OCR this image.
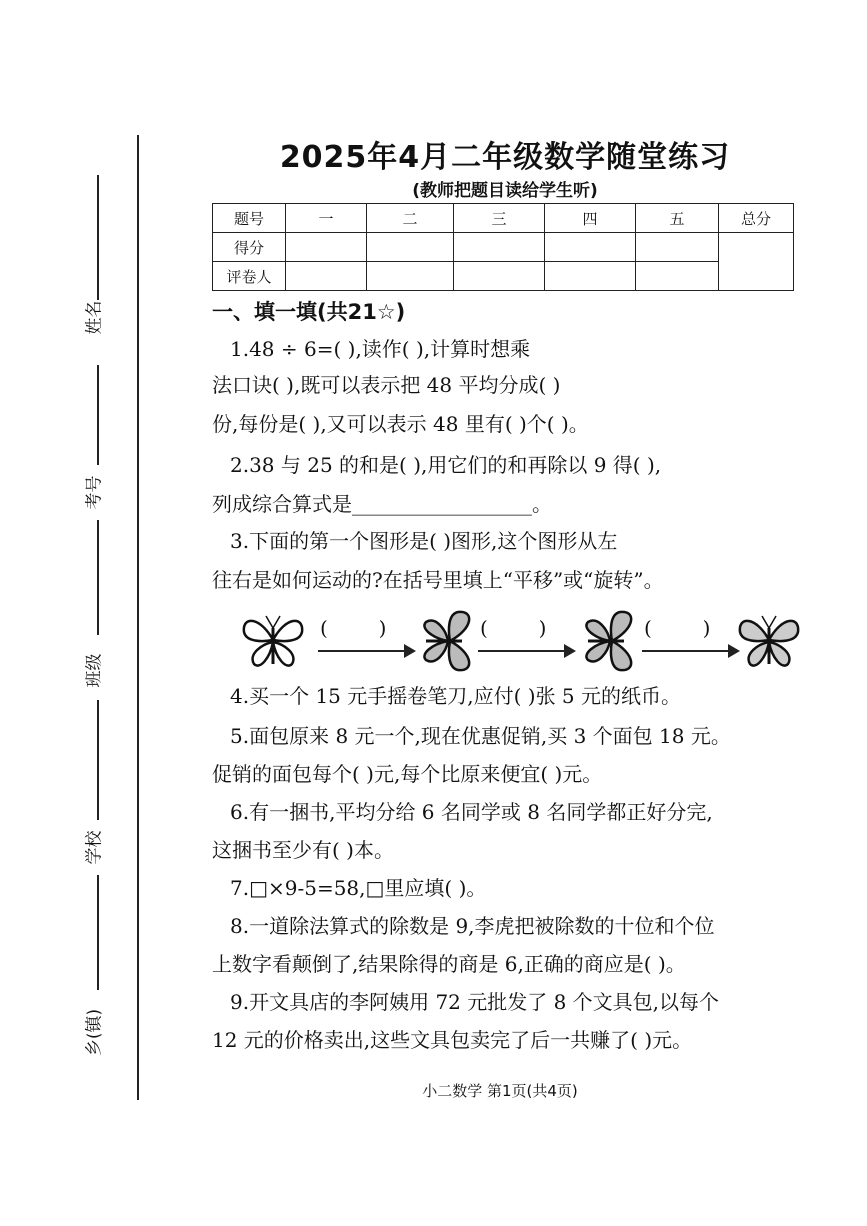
姓名
考号
班级
学校
乡(镇)
2025年4月二年级数学随堂练习
(教师把题目读给学生听)
题号	一	二	三	四	五	总分
得分						
评卷人						
一、填一填(共21☆)
1.48 ÷ 6=( ),读作( ),计算时想乘
法口诀( ),既可以表示把 48 平均分成( )
份,每份是( ),又可以表示 48 里有( )个( )。
2.38 与 25 的和是( ),用它们的和再除以 9 得( ),
列成综合算式是__________________。
3.下面的第一个图形是( )图形,这个图形从左
往右是如何运动的?在括号里填上“平移”或“旋转”。
(        )	(        )	(        )
4.买一个 15 元手摇卷笔刀,应付( )张 5 元的纸币。
5.面包原来 8 元一个,现在优惠促销,买 3 个面包 18 元。
促销的面包每个( )元,每个比原来便宜( )元。
6.有一捆书,平均分给 6 名同学或 8 名同学都正好分完,
这捆书至少有( )本。
7.□×9-5=58,□里应填( )。
8.一道除法算式的除数是 9,李虎把被除数的十位和个位
上数字看颠倒了,结果除得的商是 6,正确的商应是( )。
9.开文具店的李阿姨用 72 元批发了 8 个文具包,以每个
12 元的价格卖出,这些文具包卖完了后一共赚了( )元。
小二数学 第1页(共4页)
